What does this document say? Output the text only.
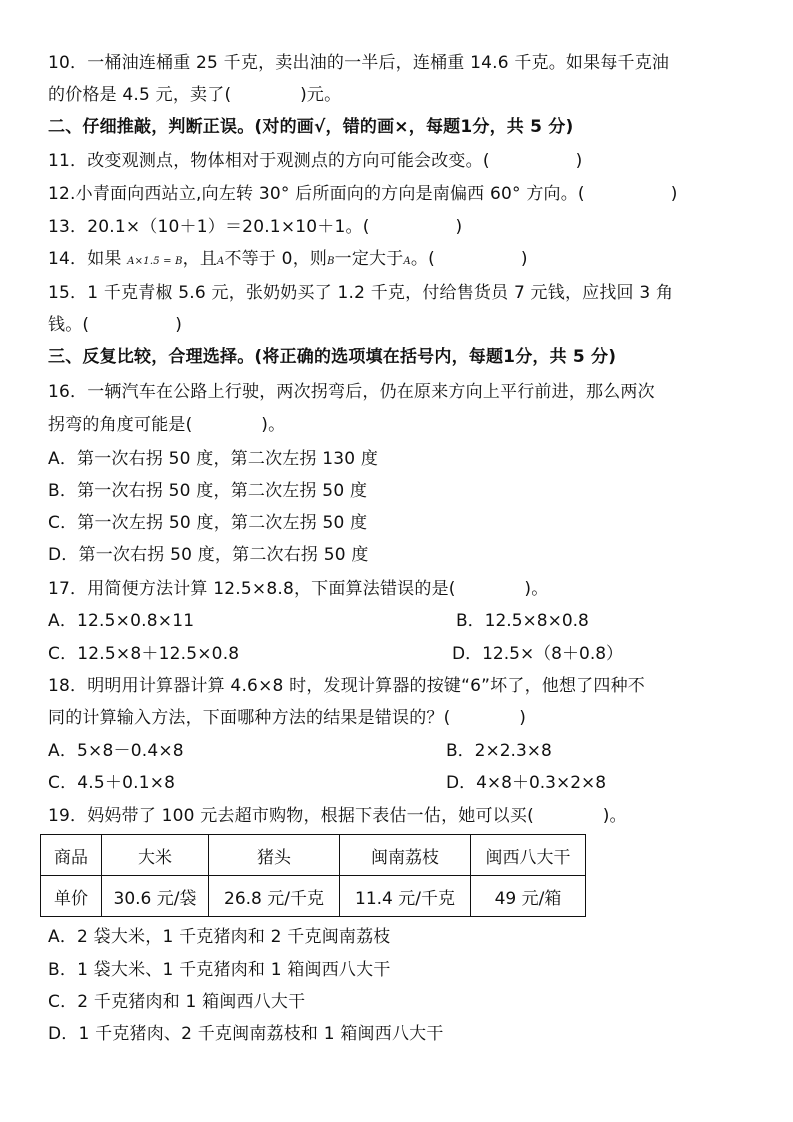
10．一桶油连桶重 25 千克，卖出油的一半后，连桶重 14.6 千克。如果每千克油
的价格是 4.5 元，卖了(　　　　)元。
二、仔细推敲，判断正误。(对的画√，错的画×，每题1分，共 5 分)
11．改变观测点，物体相对于观测点的方向可能会改变。(　　　　　)
12.小青面向西站立,向左转 30° 后所面向的方向是南偏西 60° 方向。(　　　　　)
13．20.1×（10＋1）＝20.1×10＋1。(　　　　　)
14．如果 A×1.5 = B，且A不等于 0，则B一定大于A。(　　　　　)
15．1 千克青椒 5.6 元，张奶奶买了 1.2 千克，付给售货员 7 元钱，应找回 3 角
钱。(　　　　　)
三、反复比较，合理选择。(将正确的选项填在括号内，每题1分，共 5 分)
16．一辆汽车在公路上行驶，两次拐弯后，仍在原来方向上平行前进，那么两次
拐弯的角度可能是(　　　　)。
A．第一次右拐 50 度，第二次左拐 130 度
B．第一次右拐 50 度，第二次左拐 50 度
C．第一次左拐 50 度，第二次左拐 50 度
D．第一次右拐 50 度，第二次右拐 50 度
17．用简便方法计算 12.5×8.8，下面算法错误的是(　　　　)。
A．12.5×0.8×11	B．12.5×8×0.8
C．12.5×8＋12.5×0.8	D．12.5×（8＋0.8）
18．明明用计算器计算 4.6×8 时，发现计算器的按键“6”坏了，他想了四种不
同的计算输入方法，下面哪种方法的结果是错误的？(　　　　)
A．5×8－0.4×8	B．2×2.3×8
C．4.5＋0.1×8	D．4×8＋0.3×2×8
19．妈妈带了 100 元去超市购物，根据下表估一估，她可以买(　　　　)。
商品	大米	猪头	闽南荔枝	闽西八大干
单价	30.6 元/袋	26.8 元/千克	11.4 元/千克	49 元/箱
A．2 袋大米，1 千克猪肉和 2 千克闽南荔枝
B．1 袋大米、1 千克猪肉和 1 箱闽西八大干
C．2 千克猪肉和 1 箱闽西八大干
D．1 千克猪肉、2 千克闽南荔枝和 1 箱闽西八大干
